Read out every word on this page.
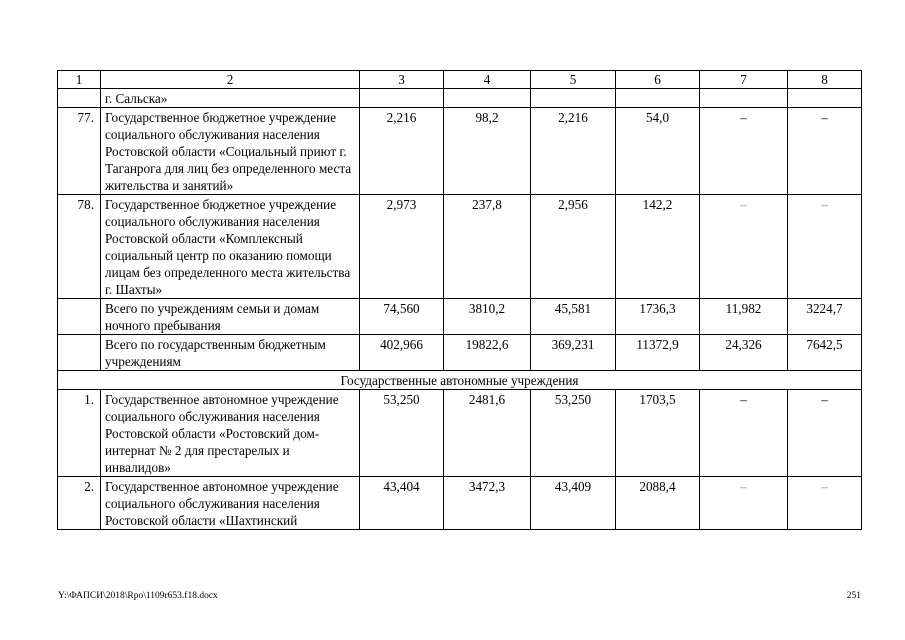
1	2	3	4	5	6	7	8
	г. Сальска»						
77.	Государственное бюджетное учреждение социального обслуживания населения Ростовской области «Социальный приют г. Таганрога для лиц без определенного места жительства и занятий»	2,216	98,2	2,216	54,0	–	–
78.	Государственное бюджетное учреждение социального обслуживания населения Ростовской области «Комплексный социальный центр по оказанию помощи лицам без определенного места жительства г. Шахты»	2,973	237,8	2,956	142,2	–	–
	Всего по учреждениям семьи и домам ночного пребывания	74,560	3810,2	45,581	1736,3	11,982	3224,7
	Всего по государственным бюджетным учреждениям	402,966	19822,6	369,231	11372,9	24,326	7642,5
Государственные автономные учреждения							
1.	Государственное автономное учреждение социального обслуживания населения Ростовской области «Ростовский дом-интернат № 2 для престарелых и инвалидов»	53,250	2481,6	53,250	1703,5	–	–
2.	Государственное автономное учреждение социального обслуживания населения Ростовской области «Шахтинский	43,404	3472,3	43,409	2088,4	–	–
Y:\ФАПСИ\2018\Rpo\1109r653.f18.docx	251
